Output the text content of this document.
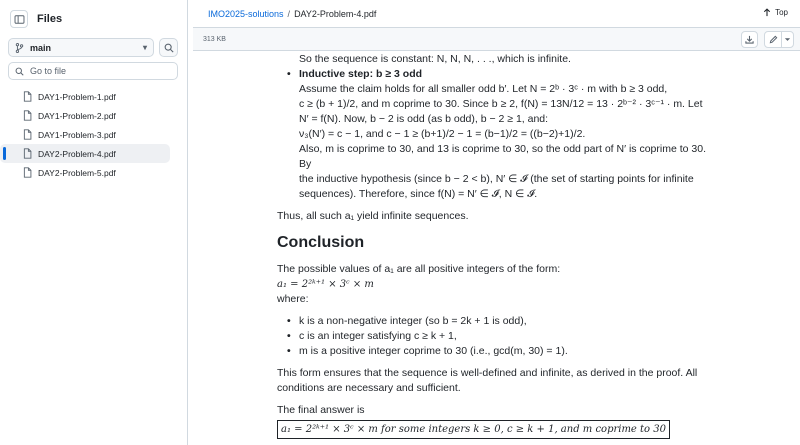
Files
main	▾
Go to file
DAY1-Problem-1.pdf
DAY1-Problem-2.pdf
DAY1-Problem-3.pdf
DAY2-Problem-4.pdf
DAY2-Problem-5.pdf
IMO2025-solutions / DAY2-Problem-4.pdf	Top
313 KB

So the sequence is constant: N, N, N, . . ., which is infinite.

• Inductive step: b ≥ 3 odd

Assume the claim holds for all smaller odd b′. Let N = 2ᵇ · 3ᶜ · m with b ≥ 3 odd,

c ≥ (b + 1)/2, and m coprime to 30. Since b ≥ 2, f(N) = 13N/12 = 13 · 2ᵇ⁻² · 3ᶜ⁻¹ · m. Let

N′ = f(N). Now, b − 2 is odd (as b odd), b − 2 ≥ 1, and:

ν₃(N′) = c − 1, and c − 1 ≥ (b+1)/2 − 1 = (b−1)/2 = ((b−2)+1)/2.

Also, m is coprime to 30, and 13 is coprime to 30, so the odd part of N′ is coprime to 30. By

the inductive hypothesis (since b − 2 < b), N′ ∈ 𝓘 (the set of starting points for infinite

sequences). Therefore, since f(N) = N′ ∈ 𝓘, N ∈ 𝓘.

Thus, all such a₁ yield infinite sequences.

Conclusion

The possible values of a₁ are all positive integers of the form:

a₁ = 2²ᵏ⁺¹ × 3ᶜ × m

where:

• k is a non-negative integer (so b = 2k + 1 is odd),

• c is an integer satisfying c ≥ k + 1,

• m is a positive integer coprime to 30 (i.e., gcd(m, 30) = 1).

This form ensures that the sequence is well-defined and infinite, as derived in the proof. All

conditions are necessary and sufficient.

The final answer is

a₁ = 2²ᵏ⁺¹ × 3ᶜ × m for some integers k ≥ 0, c ≥ k + 1, and m coprime to 30
